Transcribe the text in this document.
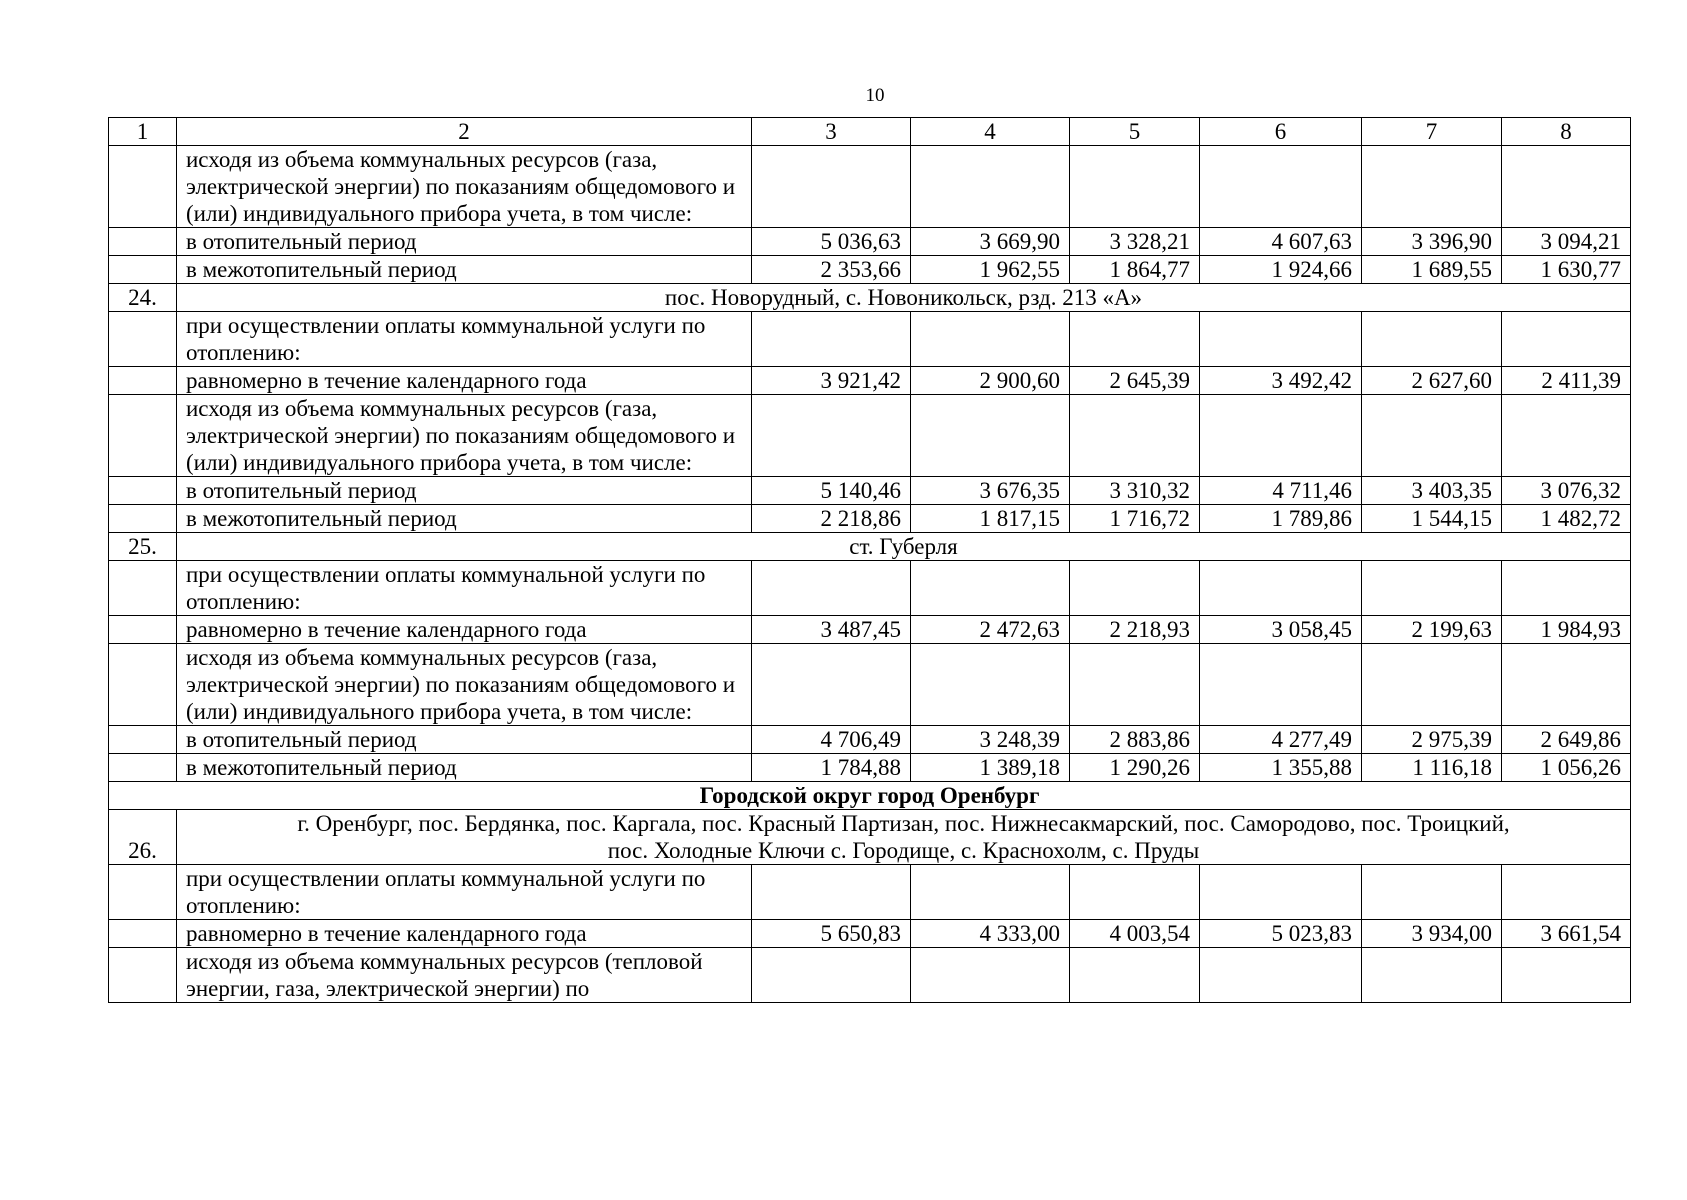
10
1	2	3	4	5	6	7	8
	исходя из объема коммунальных ресурсов (газа, электрической энергии) по показаниям общедомового и (или) индивидуального прибора учета, в том числе:						
	в отопительный период	5 036,63	3 669,90	3 328,21	4 607,63	3 396,90	3 094,21
	в межотопительный период	2 353,66	1 962,55	1 864,77	1 924,66	1 689,55	1 630,77
24.	пос. Новорудный, с. Новоникольск, рзд. 213 «А»						
	при осуществлении оплаты коммунальной услуги по отоплению:						
	равномерно в течение календарного года	3 921,42	2 900,60	2 645,39	3 492,42	2 627,60	2 411,39
	исходя из объема коммунальных ресурсов (газа, электрической энергии) по показаниям общедомового и (или) индивидуального прибора учета, в том числе:						
	в отопительный период	5 140,46	3 676,35	3 310,32	4 711,46	3 403,35	3 076,32
	в межотопительный период	2 218,86	1 817,15	1 716,72	1 789,86	1 544,15	1 482,72
25.	ст. Губерля						
	при осуществлении оплаты коммунальной услуги по отоплению:						
	равномерно в течение календарного года	3 487,45	2 472,63	2 218,93	3 058,45	2 199,63	1 984,93
	исходя из объема коммунальных ресурсов (газа, электрической энергии) по показаниям общедомового и (или) индивидуального прибора учета, в том числе:						
	в отопительный период	4 706,49	3 248,39	2 883,86	4 277,49	2 975,39	2 649,86
	в межотопительный период	1 784,88	1 389,18	1 290,26	1 355,88	1 116,18	1 056,26
Городской округ город Оренбург							
26.	г. Оренбург, пос. Бердянка, пос. Каргала, пос. Красный Партизан, пос. Нижнесакмарский, пос. Самородово, пос. Троицкий, пос. Холодные Ключи с. Городище, с. Краснохолм, с. Пруды						
	при осуществлении оплаты коммунальной услуги по отоплению:						
	равномерно в течение календарного года	5 650,83	4 333,00	4 003,54	5 023,83	3 934,00	3 661,54
	исходя из объема коммунальных ресурсов (тепловой энергии, газа, электрической энергии) по						
